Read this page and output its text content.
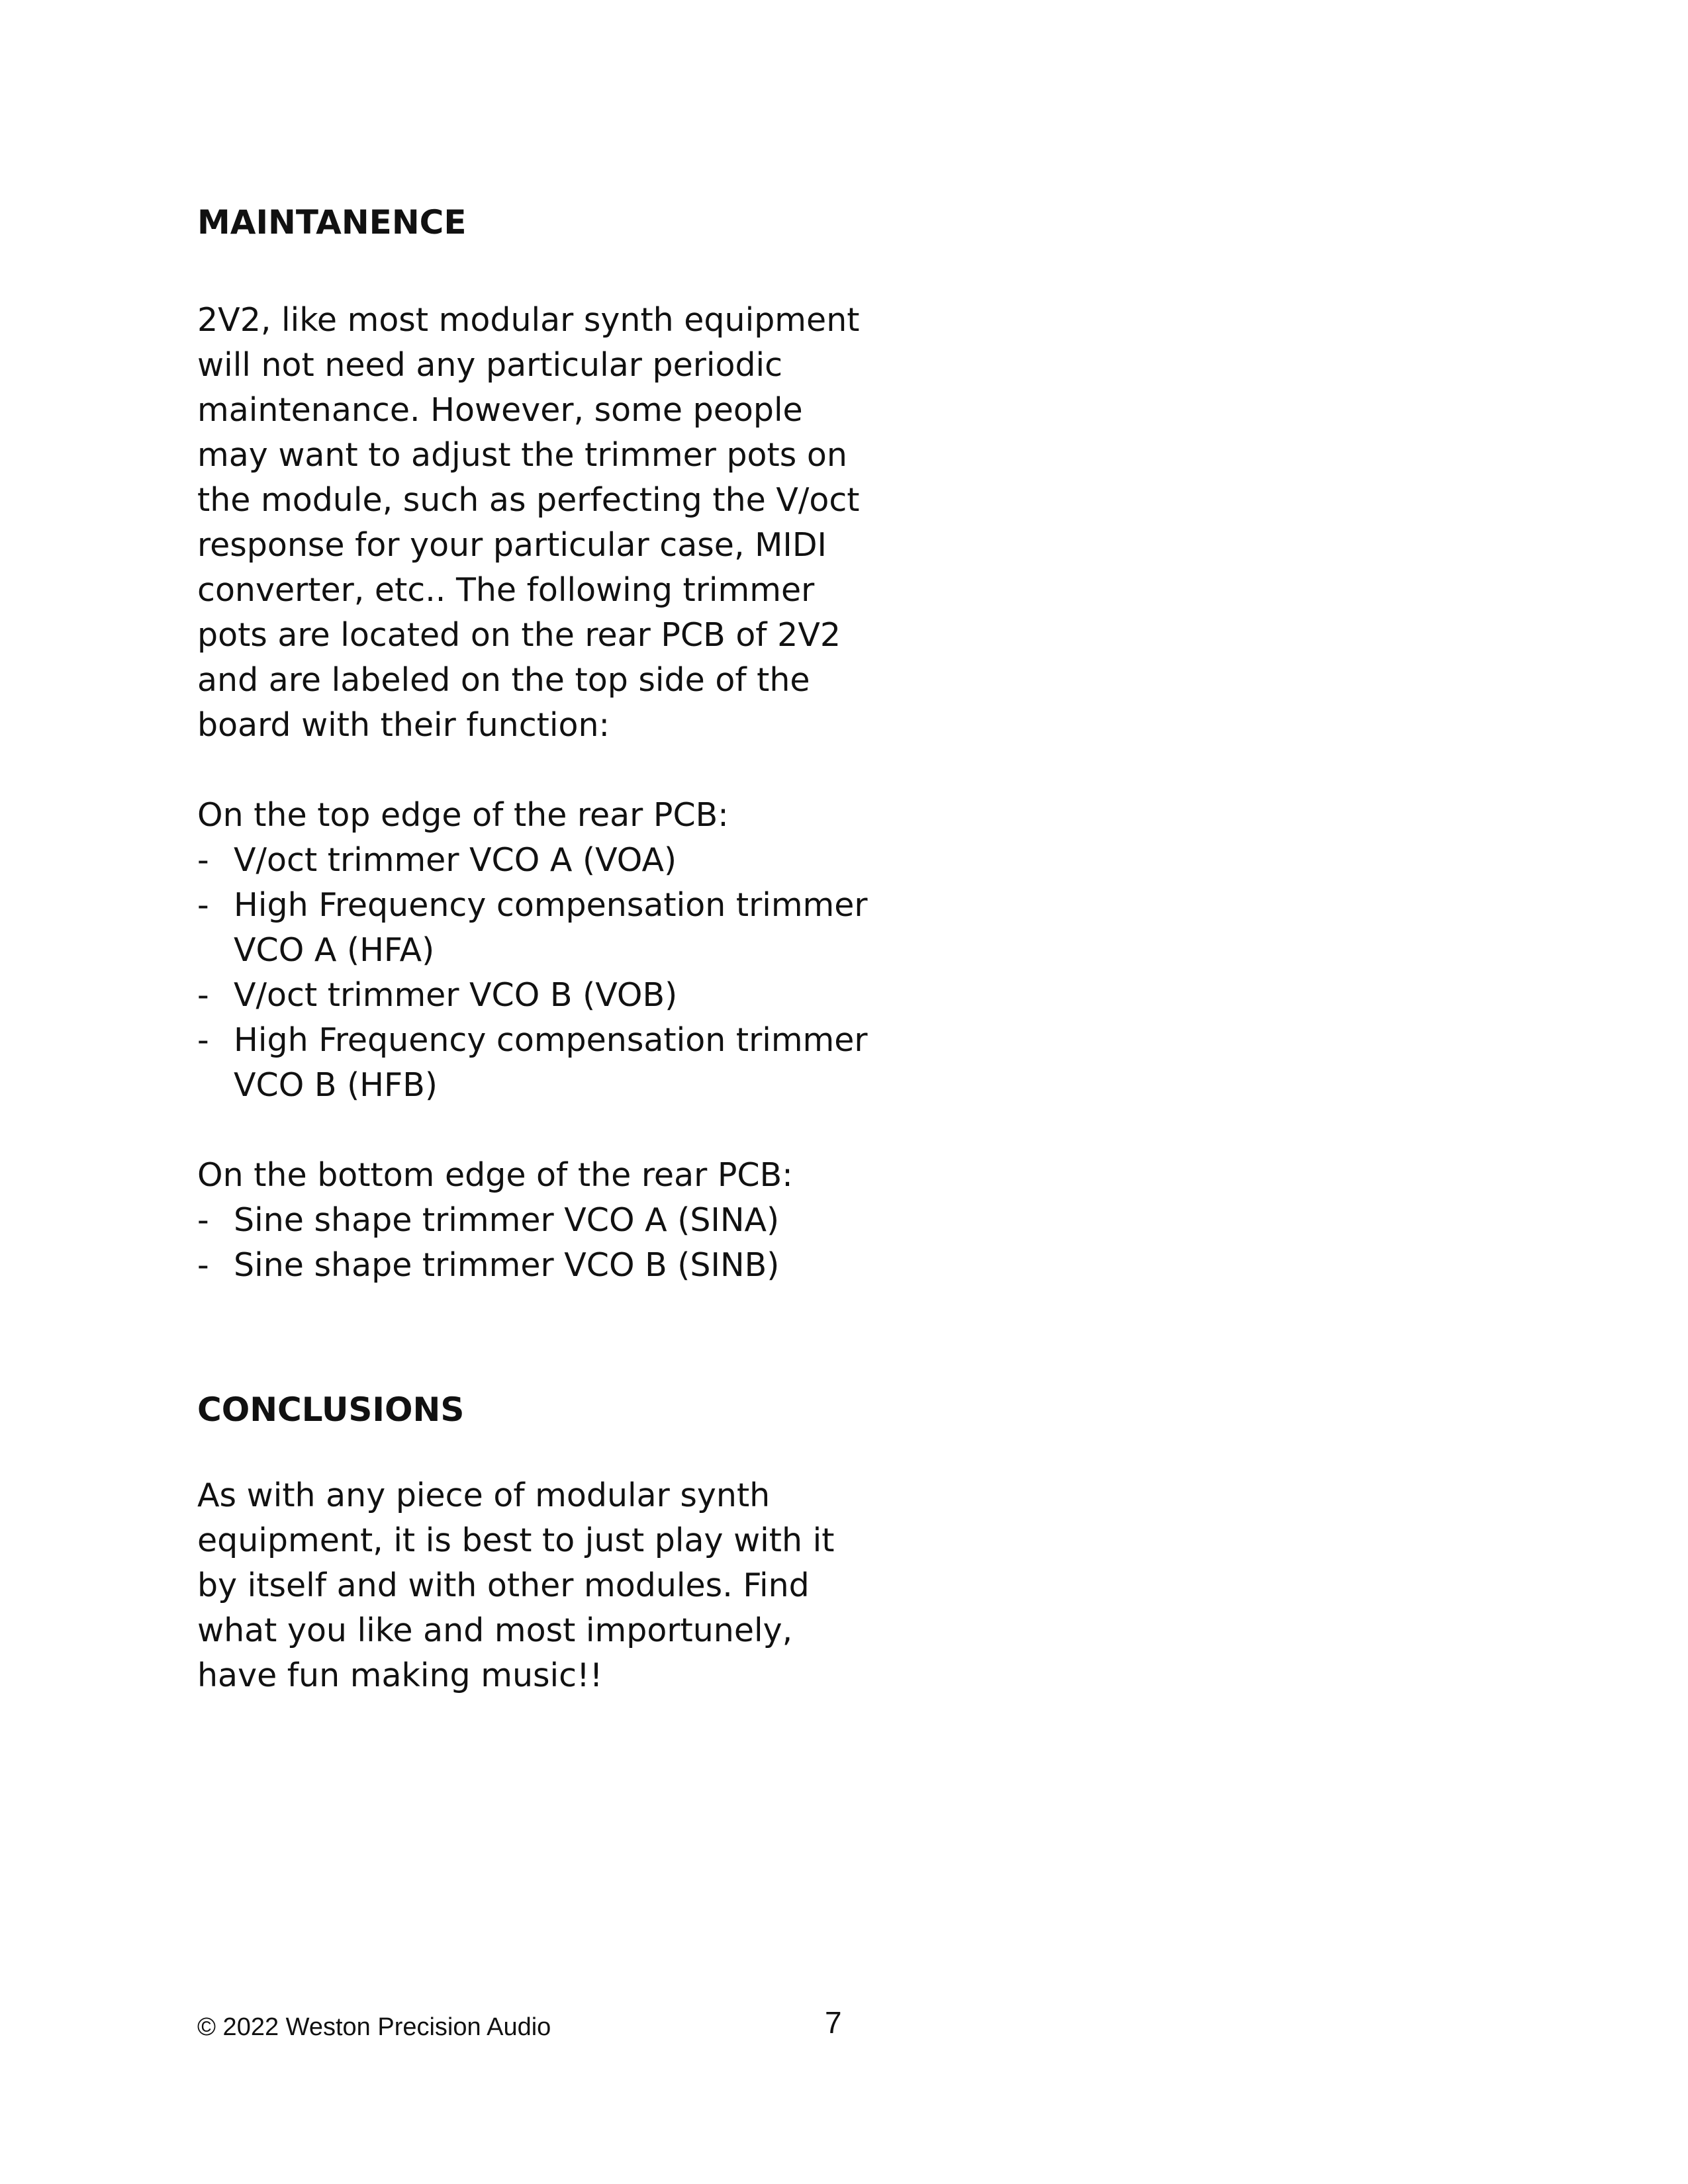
MAINTANENCE
2V2, like most modular synth equipment
will not need any particular periodic
maintenance. However, some people
may want to adjust the trimmer pots on
the module, such as perfecting the V/oct
response for your particular case, MIDI
converter, etc.. The following trimmer
pots are located on the rear PCB of 2V2
and are labeled on the top side of the
board with their function:
On the top edge of the rear PCB:
- V/oct trimmer VCO A (VOA)
- High Frequency compensation trimmer
VCO A (HFA)
- V/oct trimmer VCO B (VOB)
- High Frequency compensation trimmer
VCO B (HFB)
On the bottom edge of the rear PCB:
- Sine shape trimmer VCO A (SINA)
- Sine shape trimmer VCO B (SINB)
CONCLUSIONS
As with any piece of modular synth
equipment, it is best to just play with it
by itself and with other modules. Find
what you like and most importunely,
have fun making music!!
© 2022 Weston Precision Audio	7
